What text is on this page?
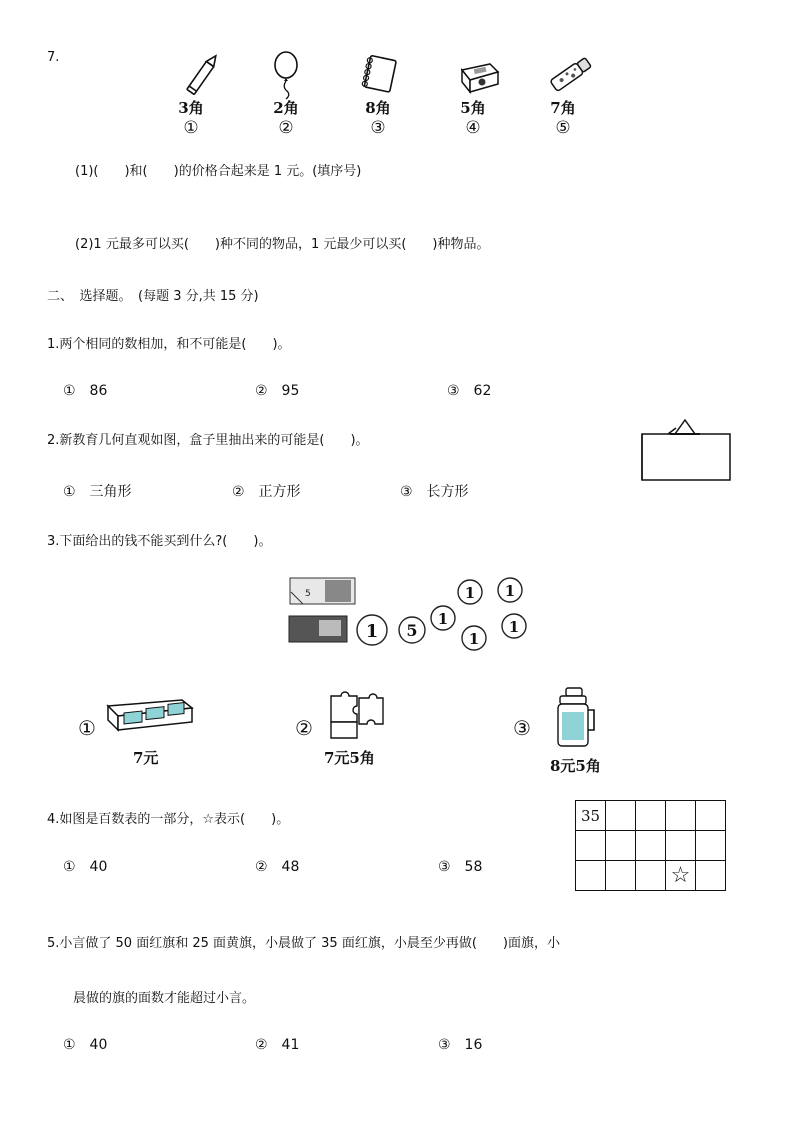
7.
3角	2角	8角	5角	7角
①	②	③	④	⑤
(1)(　　)和(　　)的价格合起来是 1 元。(填序号)
(2)1 元最多可以买(　　)种不同的物品，1 元最少可以买(　　)种物品。
二、　选择题。　(每题 3 分,共 15 分)
1.两个相同的数相加，和不可能是(　　)。
①　86	②　95	③　62
2.新教育几何直观如图，盒子里抽出来的可能是(　　)。
①　三角形	②　正方形	③　长方形
3.下面给出的钱不能买到什么?(　　)。
5
1
1 1
5
1
1
1
①
7元
②
7元5角
③
8元5角
4.如图是百数表的一部分，☆表示(　　)。	35				

			☆	
①　40	②　48	③　58
5.小言做了 50 面红旗和 25 面黄旗，小晨做了 35 面红旗，小晨至少再做(　　)面旗，小
晨做的旗的面数才能超过小言。
①　40	②　41	③　16
